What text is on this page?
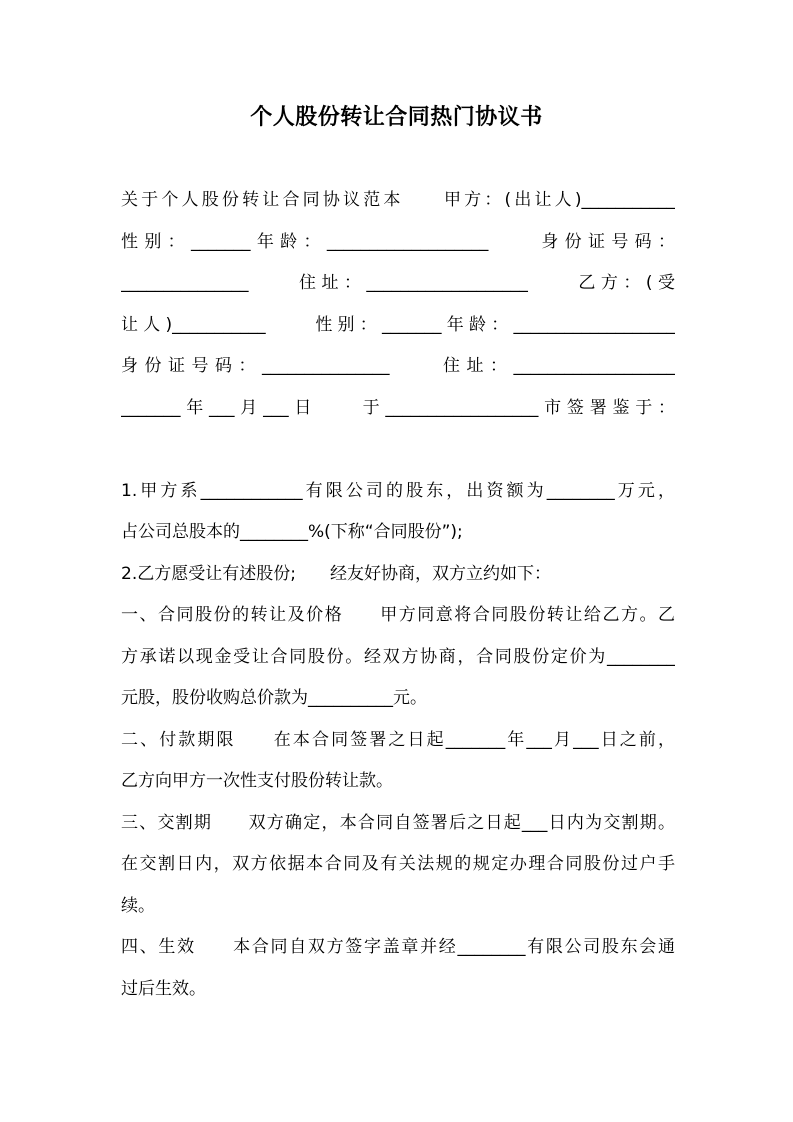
个人股份转让合同热门协议书
关于个人股份转让合同协议范本　　甲方：(出让人)___________
性别：_______年龄：___________________　　身份证号码：
_______________　　住址：___________________　　乙方：(受
让人)___________　　性别：_______年龄：___________________
身份证号码：_______________　　住址：___________________
_______年___月___日　　于__________________市签署鉴于：
1.甲方系____________有限公司的股东，出资额为________万元，
占公司总股本的________%(下称“合同股份”);
2.乙方愿受让有述股份;　　经友好协商，双方立约如下：
一、合同股份的转让及价格　　甲方同意将合同股份转让给乙方。乙
方承诺以现金受让合同股份。经双方协商，合同股份定价为________
元股，股份收购总价款为__________元。
二、付款期限　　在本合同签署之日起_______年___月___日之前，
乙方向甲方一次性支付股份转让款。
三、交割期　　双方确定，本合同自签署后之日起___日内为交割期。
在交割日内，双方依据本合同及有关法规的规定办理合同股份过户手
续。
四、生效　　本合同自双方签字盖章并经________有限公司股东会通
过后生效。
